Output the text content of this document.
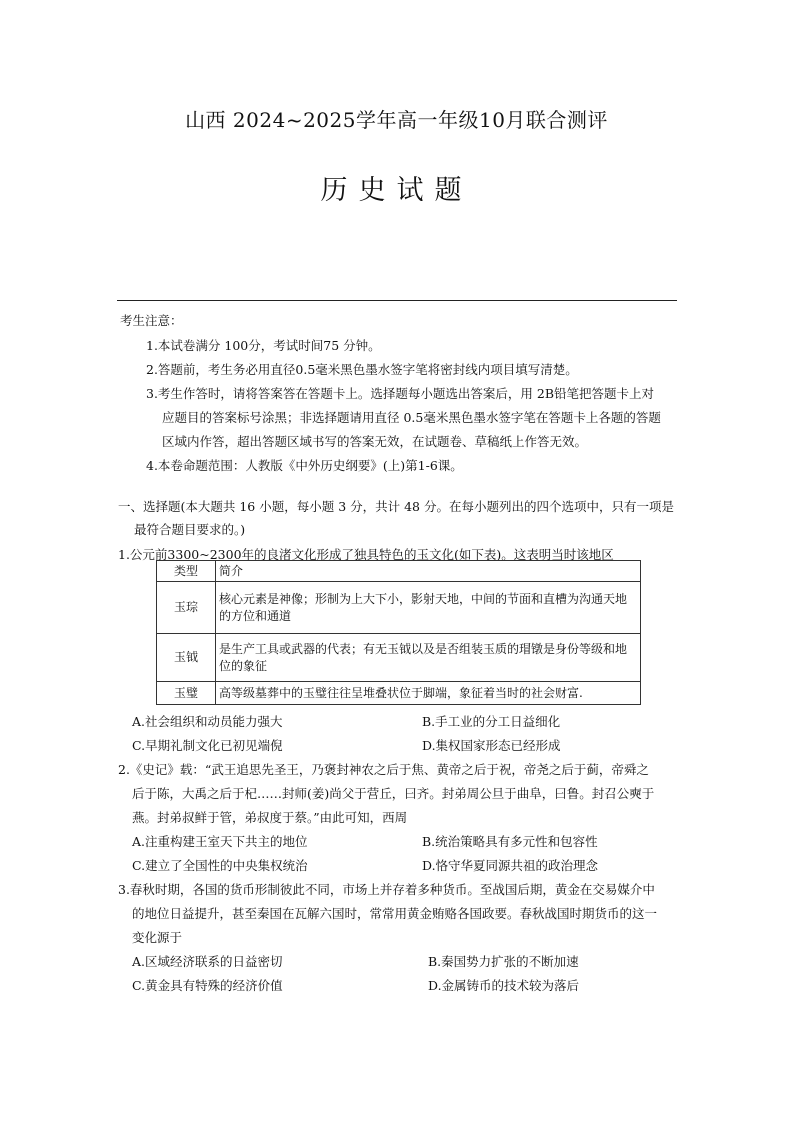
山西 2024~2025学年高一年级10月联合测评
历史试题
考生注意：
1.本试卷满分 100分，考试时间75 分钟。
2.答题前，考生务必用直径0.5毫米黑色墨水签字笔将密封线内项目填写清楚。
3.考生作答时，请将答案答在答题卡上。选择题每小题选出答案后，用 2B铅笔把答题卡上对
应题目的答案标号涂黑；非选择题请用直径 0.5毫米黑色墨水签字笔在答题卡上各题的答题
区域内作答，超出答题区域书写的答案无效，在试题卷、草稿纸上作答无效。
4.本卷命题范围：人教版《中外历史纲要》(上)第1-6课。
一、选择题(本大题共 16 小题，每小题 3 分，共计 48 分。在每小题列出的四个选项中，只有一项是
最符合题目要求的。)
1.公元前3300~2300年的良渚文化形成了独具特色的玉文化(如下表)。这表明当时该地区
类型	简介
玉琮	核心元素是神像；形制为上大下小，影射天地，中间的节面和直槽为沟通天地的方位和通道
玉钺	是生产工具或武器的代表；有无玉钺以及是否组装玉质的瑁镦是身份等级和地位的象征
玉璧	高等级墓葬中的玉璧往往呈堆叠状位于脚端，象征着当时的社会财富.
A.社会组织和动员能力强大	B.手工业的分工日益细化
C.早期礼制文化已初见端倪	D.集权国家形态已经形成
2.《史记》载：“武王追思先圣王，乃褒封神农之后于焦、黄帝之后于祝，帝尧之后于蓟，帝舜之
后于陈，大禹之后于杞……封师(姜)尚父于营丘，曰齐。封弟周公旦于曲阜，曰鲁。封召公奭于
燕。封弟叔鲜于管，弟叔度于蔡。”由此可知，西周
A.注重构建王室天下共主的地位	B.统治策略具有多元性和包容性
C.建立了全国性的中央集权统治	D.恪守华夏同源共祖的政治理念
3.春秋时期，各国的货币形制彼此不同，市场上并存着多种货币。至战国后期，黄金在交易媒介中
的地位日益提升，甚至秦国在瓦解六国时，常常用黄金贿赂各国政要。春秋战国时期货币的这一
变化源于
A.区域经济联系的日益密切	B.秦国势力扩张的不断加速
C.黄金具有特殊的经济价值	D.金属铸币的技术较为落后
